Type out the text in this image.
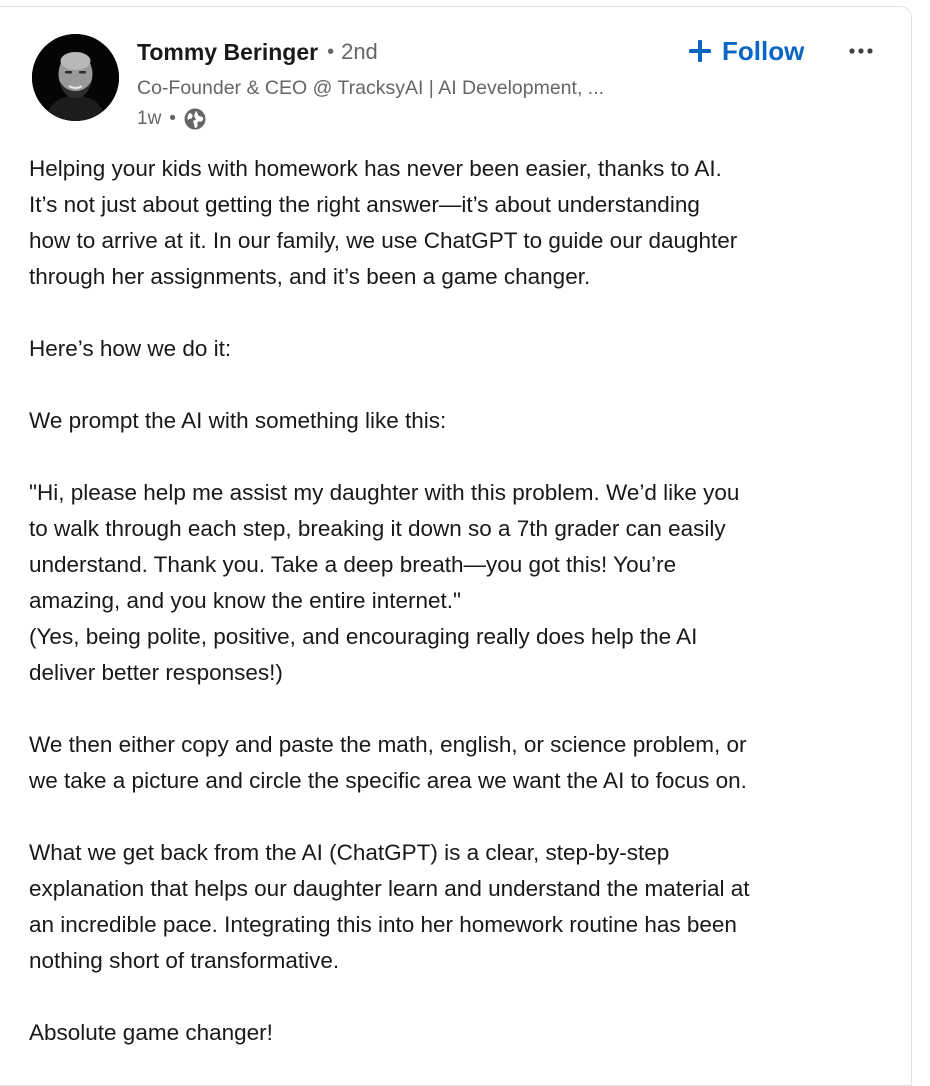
Tommy Beringer • 2nd
Co-Founder & CEO @ TracksyAI | AI Development, ...
1w •
Follow

Helping your kids with homework has never been easier, thanks to AI.
It’s not just about getting the right answer—it’s about understanding
how to arrive at it. In our family, we use ChatGPT to guide our daughter
through her assignments, and it’s been a game changer.

Here’s how we do it:

We prompt the AI with something like this:

"Hi, please help me assist my daughter with this problem. We’d like you
to walk through each step, breaking it down so a 7th grader can easily
understand. Thank you. Take a deep breath—you got this! You’re
amazing, and you know the entire internet."
(Yes, being polite, positive, and encouraging really does help the AI
deliver better responses!)

We then either copy and paste the math, english, or science problem, or
we take a picture and circle the specific area we want the AI to focus on.

What we get back from the AI (ChatGPT) is a clear, step-by-step
explanation that helps our daughter learn and understand the material at
an incredible pace. Integrating this into her homework routine has been
nothing short of transformative.

Absolute game changer!
